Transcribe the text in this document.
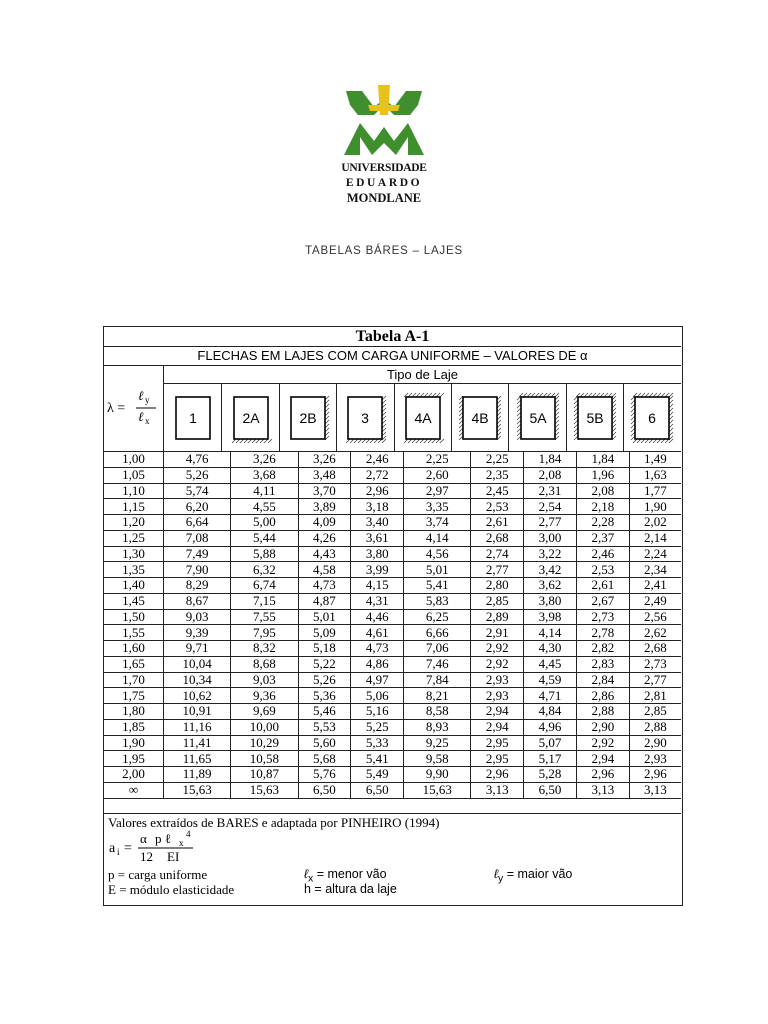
UNIVERSIDADE
EDUARDO
MONDLANE
TABELAS BÁRES – LAJES
Tabela A-1
FLECHAS EM LAJES COM CARGA UNIFORME – VALORES DE α
λ =
ℓ y
ℓ x
Tipo de Laje
1	2A	2B	3	4A	4B	5A	5B	6
1,00	4,76	3,26	3,26	2,46	2,25	2,25	1,84	1,84	1,49
1,05	5,26	3,68	3,48	2,72	2,60	2,35	2,08	1,96	1,63
1,10	5,74	4,11	3,70	2,96	2,97	2,45	2,31	2,08	1,77
1,15	6,20	4,55	3,89	3,18	3,35	2,53	2,54	2,18	1,90
1,20	6,64	5,00	4,09	3,40	3,74	2,61	2,77	2,28	2,02
1,25	7,08	5,44	4,26	3,61	4,14	2,68	3,00	2,37	2,14
1,30	7,49	5,88	4,43	3,80	4,56	2,74	3,22	2,46	2,24
1,35	7,90	6,32	4,58	3,99	5,01	2,77	3,42	2,53	2,34
1,40	8,29	6,74	4,73	4,15	5,41	2,80	3,62	2,61	2,41
1,45	8,67	7,15	4,87	4,31	5,83	2,85	3,80	2,67	2,49
1,50	9,03	7,55	5,01	4,46	6,25	2,89	3,98	2,73	2,56
1,55	9,39	7,95	5,09	4,61	6,66	2,91	4,14	2,78	2,62
1,60	9,71	8,32	5,18	4,73	7,06	2,92	4,30	2,82	2,68
1,65	10,04	8,68	5,22	4,86	7,46	2,92	4,45	2,83	2,73
1,70	10,34	9,03	5,26	4,97	7,84	2,93	4,59	2,84	2,77
1,75	10,62	9,36	5,36	5,06	8,21	2,93	4,71	2,86	2,81
1,80	10,91	9,69	5,46	5,16	8,58	2,94	4,84	2,88	2,85
1,85	11,16	10,00	5,53	5,25	8,93	2,94	4,96	2,90	2,88
1,90	11,41	10,29	5,60	5,33	9,25	2,95	5,07	2,92	2,90
1,95	11,65	10,58	5,68	5,41	9,58	2,95	5,17	2,94	2,93
2,00	11,89	10,87	5,76	5,49	9,90	2,96	5,28	2,96	2,96
∞	15,63	15,63	6,50	6,50	15,63	3,13	6,50	3,13	3,13
Valores extraídos de BARES e adaptada por PINHEIRO (1994)
a i =
α p ℓ x
4
12 EI
p = carga uniforme
E = módulo elasticidade
ℓ$_x$ = menor vão
h = altura da laje
ℓ$_y$ = maior vão
